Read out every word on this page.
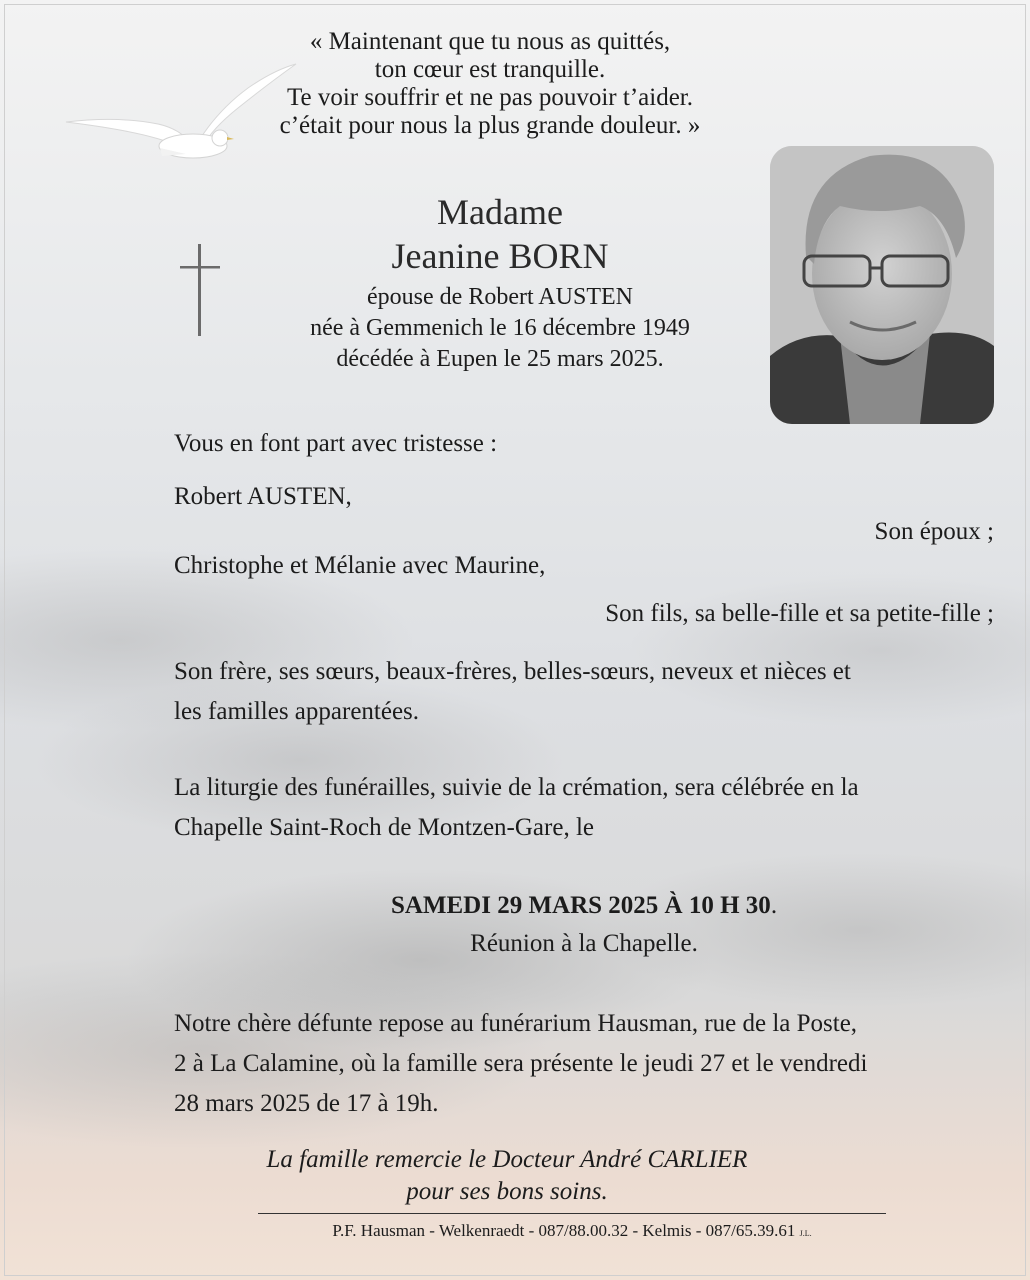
« Maintenant que tu nous as quittés,
ton cœur est tranquille.
Te voir souffrir et ne pas pouvoir t’aider.
c’était pour nous la plus grande douleur. »
Madame
Jeanine BORN
épouse de Robert AUSTEN
née à Gemmenich le 16 décembre 1949
décédée à Eupen le 25 mars 2025.
Vous en font part avec tristesse :
Robert AUSTEN,
Son époux ;
Christophe et Mélanie avec Maurine,
Son fils, sa belle-fille et sa petite-fille ;
Son frère, ses sœurs, beaux-frères, belles-sœurs, neveux et nièces et
les familles apparentées.
La liturgie des funérailles, suivie de la crémation, sera célébrée en la
Chapelle Saint-Roch de Montzen-Gare, le
SAMEDI 29 MARS 2025 À 10 H 30.
Réunion à la Chapelle.
Notre chère défunte repose au funérarium Hausman, rue de la Poste,
2 à La Calamine, où la famille sera présente le jeudi 27 et le vendredi
28 mars 2025 de 17 à 19h.
La famille remercie le Docteur André CARLIER
pour ses bons soins.
P.F. Hausman - Welkenraedt - 087/88.00.32 - Kelmis - 087/65.39.61 J.L.
